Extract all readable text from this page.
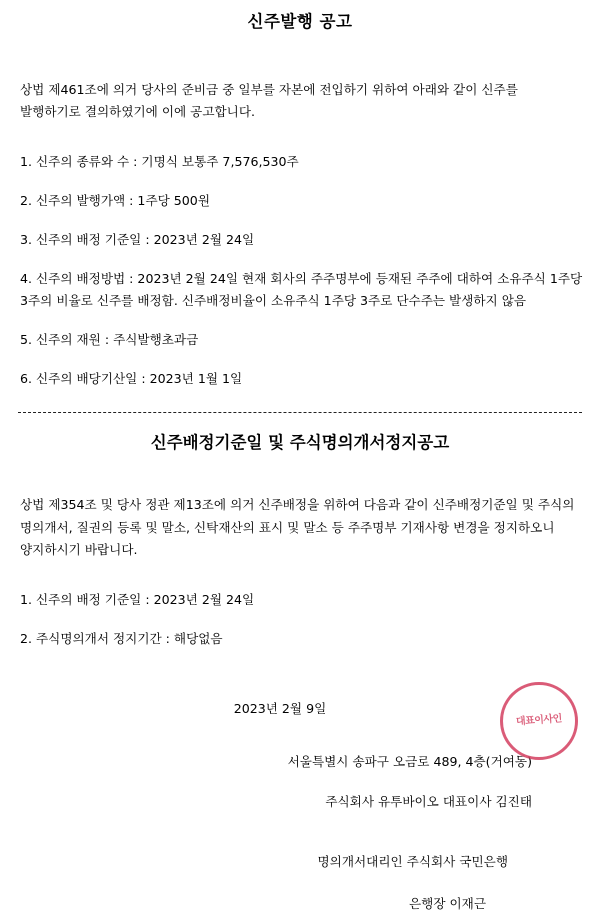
신주발행 공고

상법 제461조에 의거 당사의 준비금 중 일부를 자본에 전입하기 위하여 아래와 같이 신주를 발행하기로 결의하였기에 이에 공고합니다.

1. 신주의 종류와 수 : 기명식 보통주 7,576,530주
2. 신주의 발행가액 : 1주당 500원
3. 신주의 배정 기준일 : 2023년 2월 24일
4. 신주의 배정방법 : 2023년 2월 24일 현재 회사의 주주명부에 등재된 주주에 대하여 소유주식 1주당 3주의 비율로 신주를 배정함. 신주배정비율이 소유주식 1주당 3주로 단수주는 발생하지 않음
5. 신주의 재원 : 주식발행초과금
6. 신주의 배당기산일 : 2023년 1월 1일
신주배정기준일 및 주식명의개서정지공고

상법 제354조 및 당사 정관 제13조에 의거 신주배정을 위하여 다음과 같이 신주배정기준일 및 주식의 명의개서, 질권의 등록 및 말소, 신탁재산의 표시 및 말소 등 주주명부 기재사항 변경을 정지하오니 양지하시기 바랍니다.

1. 신주의 배정 기준일 : 2023년 2월 24일
2. 주식명의개서 정지기간 : 해당없음
2023년 2월 9일
서울특별시 송파구 오금로 489, 4층(거여동)
주식회사 유투바이오 대표이사 김진태
명의개서대리인 주식회사 국민은행
은행장 이재근
대표이사인
